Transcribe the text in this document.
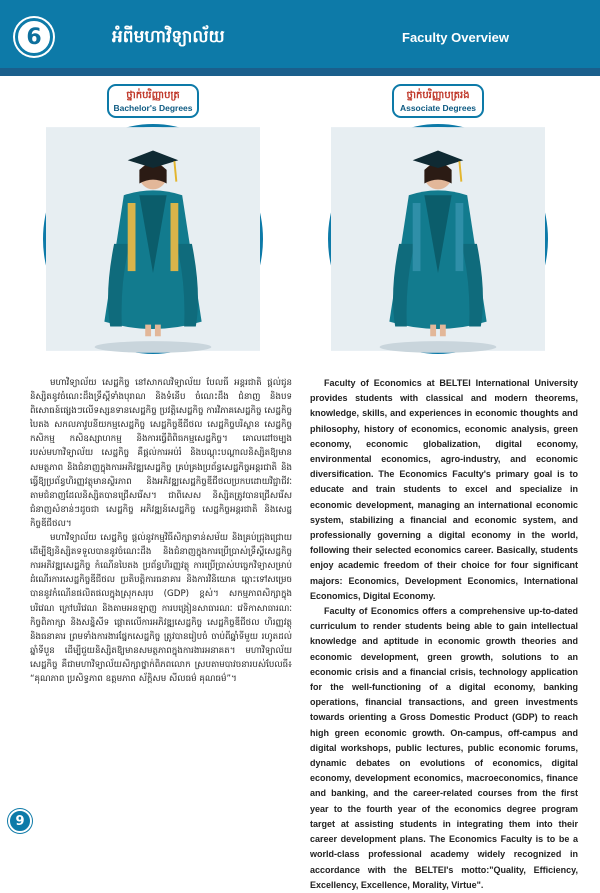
6	អំពីមហាវិទ្យាល័យ	Faculty Overview
ថ្នាក់បរិញ្ញាបត្រ
Bachelor's Degrees
ថ្នាក់បរិញ្ញាបត្ររង
Associate Degrees

មហាវិទ្យាល័យ សេដ្ឋកិច្ច នៅសាកលវិទ្យាល័យ បែលធី អន្តរជាតិ ផ្តល់ជូននិស្សិតនូវចំណេះដឹងទ្រឹស្តីទាំងបុរាណ និងទំនើប ចំណេះដឹង ជំនាញ និងបទពិសោធន៍ផ្សេងៗលើទស្សនទានសេដ្ឋកិច្ច ប្រវត្តិសេដ្ឋកិច្ច ការវិភាគសេដ្ឋកិច្ច សេដ្ឋកិច្ចបៃតង សកលភាវូបនីយកម្មសេដ្ឋកិច្ច សេដ្ឋកិច្ចឌីជីថល សេដ្ឋកិច្ចបរិស្ថាន សេដ្ឋកិច្ចកសិកម្ម កសិឧស្សាហកម្ម និងការធ្វើពិពិធកម្មសេដ្ឋកិច្ច។ គោលដៅចម្បងរបស់មហាវិទ្យាល័យ សេដ្ឋកិច្ច គឺផ្តល់ការអប់រំ និងបណ្តុះបណ្តាលនិស្សិតឱ្យមានសមត្ថភាព និងជំនាញក្នុងការអភិវឌ្ឍសេដ្ឋកិច្ច គ្រប់គ្រងប្រព័ន្ធសេដ្ឋកិច្ចអន្តរជាតិ និងធ្វើឱ្យប្រព័ន្ធហិរញ្ញវត្ថុមានស្ថិរភាព និងអភិវឌ្ឍសេដ្ឋកិច្ចឌីជីថលប្រកបដោយវិជ្ជាជីវៈ តាមជំនាញដែលនិស្សិតបានជ្រើសរើស។ ជាពិសេស និស្សិតត្រូវបានជ្រើសរើសជំនាញសំខាន់ៗដូចជា សេដ្ឋកិច្ច អភិវឌ្ឍន៍សេដ្ឋកិច្ច សេដ្ឋកិច្ចអន្តរជាតិ និងសេដ្ឋកិច្ចឌីជីថល។

មហាវិទ្យាល័យ សេដ្ឋកិច្ច ផ្តល់នូវកម្មវិធីសិក្សាទាន់សម័យ និងគ្រប់ជ្រុងជ្រោយ ដើម្បីឱ្យនិស្សិតទទួលបាននូវចំណេះដឹង និងជំនាញក្នុងការប្រើប្រាស់ទ្រឹស្តីសេដ្ឋកិច្ច ការអភិវឌ្ឍសេដ្ឋកិច្ច កំណើនបៃតង ប្រព័ន្ធហិរញ្ញវត្ថុ ការប្រើប្រាស់បច្ចេកវិទ្យាសម្រាប់ដំណើរការសេដ្ឋកិច្ចឌីជីថល ប្រតិបត្តិការធនាគារ និងការវិនិយោគ ឆ្ពោះទៅសម្រេចបាននូវកំណើនផលិតផលក្នុងស្រុកសរុប (GDP) ខ្ពស់។ សកម្មភាពសិក្សាក្នុងបរិវេណ ក្រៅបរិវេណ និងតាមអនឡាញ ការបង្រៀនសាធារណៈ វេទិកាសាធារណៈ កិច្ចពិភាក្សា និងសន្និសីទ ផ្តោតលើការអភិវឌ្ឍសេដ្ឋកិច្ច សេដ្ឋកិច្ចឌីជីថល ហិរញ្ញវត្ថុ និងធនាគារ ព្រមទាំងការងារផ្នែកសេដ្ឋកិច្ច ត្រូវបានរៀបចំ ចាប់ពីឆ្នាំទីមួយ រហូតដល់ឆ្នាំទីបួន ដើម្បីជួយនិស្សិតឱ្យមានសមត្ថភាពក្នុងការងារអនាគត។ មហាវិទ្យាល័យ សេដ្ឋកិច្ច គឺជាមហាវិទ្យាល័យសិក្សាថ្នាក់ពិភពលោក ស្របតាមបាវចនារបស់បែលធី៖ “គុណភាព ប្រសិទ្ធភាព ឧត្តមភាព ស័ក្តិសម សីលធម៌ គុណធម៌”។

Faculty of Economics at BELTEI International University provides students with classical and modern theorems, knowledge, skills, and experiences in economic thoughts and philosophy, history of economics, economic analysis, green economy, economic globalization, digital economy, environmental economics, agro-industry, and economic diversification. The Economics Faculty's primary goal is to educate and train students to excel and specialize in economic development, managing an international economic system, stabilizing a financial and economic system, and professionally governing a digital economy in the world, following their selected economics career. Basically, students enjoy academic freedom of their choice for four significant majors: Economics, Development Economics, International Economics, Digital Economy.

Faculty of Economics offers a comprehensive up-to-dated curriculum to render students being able to gain intellectual knowledge and aptitude in economic growth theories and economic development, green growth, solutions to an economic crisis and a financial crisis, technology application for the well-functioning of a digital economy, banking operations, financial transactions, and green investments towards orienting a Gross Domestic Product (GDP) to reach high green economic growth. On-campus, off-campus and digital workshops, public lectures, public economic forums, dynamic debates on evolutions of economics, digital economy, development economics, macroeconomics, finance and banking, and the career-related courses from the first year to the fourth year of the economics degree program target at assisting students in integrating them into their career development plans. The Economics Faculty is to be a world-class professional academy widely recognized in accordance with the BELTEI's motto:"Quality, Efficiency, Excellency, Excellence, Morality, Virtue".

9
